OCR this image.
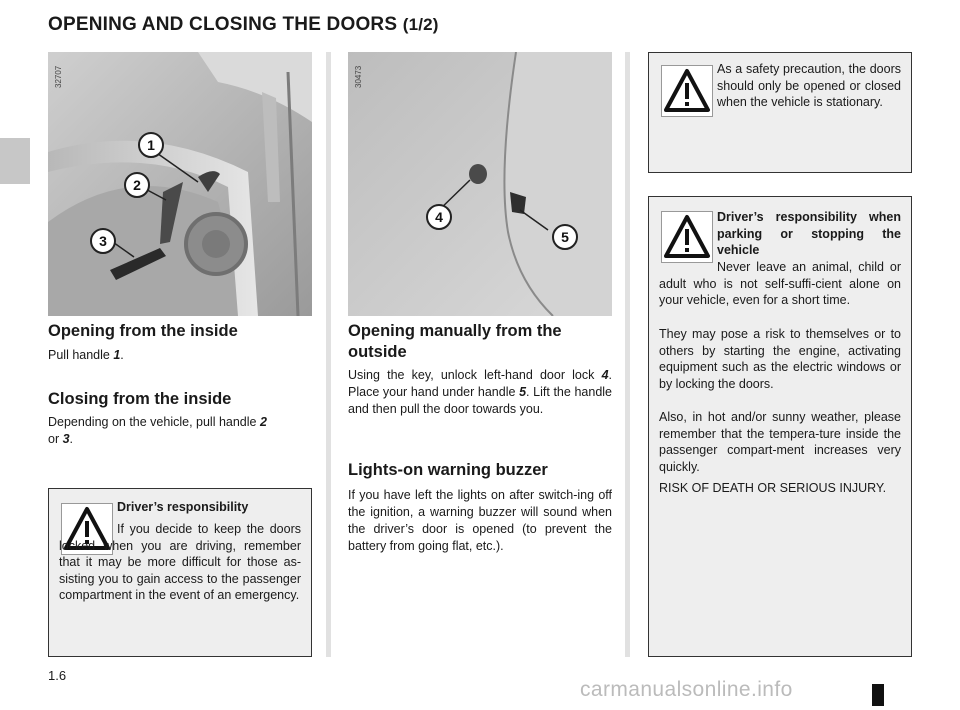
OPENING AND CLOSING THE DOORS (1/2)
32707
1
2
3
30473
4
5
Opening from the inside
Pull handle 1.
Closing from the inside
Depending on the vehicle, pull handle 2
or 3.
Opening manually from the
outside
Using the key, unlock left-hand door lock 4. Place your hand under handle 5. Lift the handle and then pull the door towards you.
Lights-on warning buzzer
If you have left the lights on after switch-ing off the ignition, a warning buzzer will sound when the driver’s door is opened (to prevent the battery from going flat, etc.).
Driver’s responsibility
If you decide to keep the doors locked when you are driving, remember that it may be more difficult for those as-sisting you to gain access to the passenger compartment in the event of an emergency.
As a safety precaution, the doors should only be opened or closed when the vehicle is stationary.
Driver’s responsibility when parking or stopping the vehicle
Never leave an animal, child or adult who is not self-suffi-cient alone on your vehicle, even for a short time.
They may pose a risk to themselves or to others by starting the engine, activating equipment such as the electric windows or by locking the doors.
Also, in hot and/or sunny weather, please remember that the tempera-ture inside the passenger compart-ment increases very quickly.
RISK OF DEATH OR SERIOUS INJURY.
1.6
carmanualsonline.info
